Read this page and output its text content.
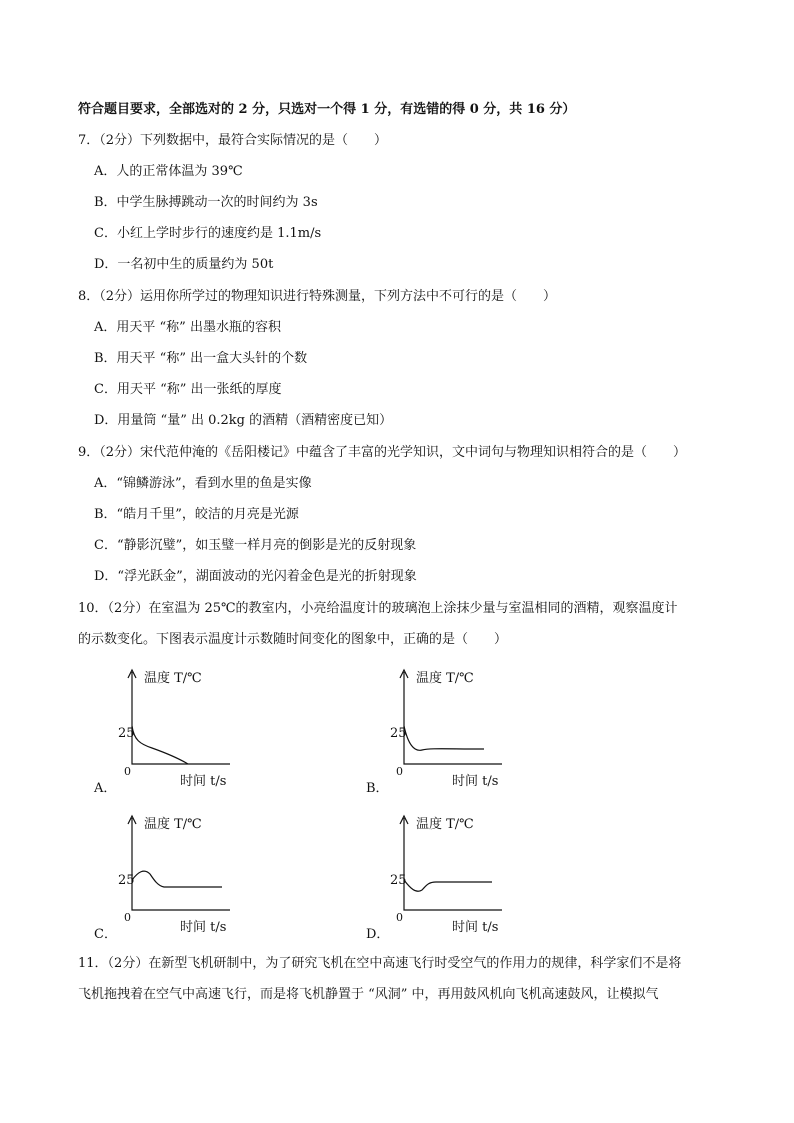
符合题目要求，全部选对的 2 分，只选对一个得 1 分，有选错的得 0 分，共 16 分）
7．（2分）下列数据中，最符合实际情况的是（　　）
A．人的正常体温为 39℃
B．中学生脉搏跳动一次的时间约为 3s
C．小红上学时步行的速度约是 1.1m/s
D．一名初中生的质量约为 50t
8．（2分）运用你所学过的物理知识进行特殊测量，下列方法中不可行的是（　　）
A．用天平 “称” 出墨水瓶的容积
B．用天平 “称” 出一盒大头针的个数
C．用天平 “称” 出一张纸的厚度
D．用量筒 “量” 出 0.2kg 的酒精（酒精密度已知）
9．（2分）宋代范仲淹的《岳阳楼记》中蕴含了丰富的光学知识，文中词句与物理知识相符合的是（　　）
A．“锦鳞游泳”，看到水里的鱼是实像
B．“皓月千里”，皎洁的月亮是光源
C．“静影沉璧”，如玉璧一样月亮的倒影是光的反射现象
D．“浮光跃金”，湖面波动的光闪着金色是光的折射现象
10．（2分）在室温为 25℃的教室内，小亮给温度计的玻璃泡上涂抹少量与室温相同的酒精，观察温度计
的示数变化。下图表示温度计示数随时间变化的图象中，正确的是（　　）
温度 T/℃
25
0
时间 t/s
A．
温度 T/℃
25
0
时间 t/s
B．
温度 T/℃
25
0
时间 t/s
C．
温度 T/℃
25
0
时间 t/s
D．
11．（2分）在新型飞机研制中，为了研究飞机在空中高速飞行时受空气的作用力的规律，科学家们不是将
飞机拖拽着在空气中高速飞行，而是将飞机静置于 “风洞” 中，再用鼓风机向飞机高速鼓风，让模拟气
